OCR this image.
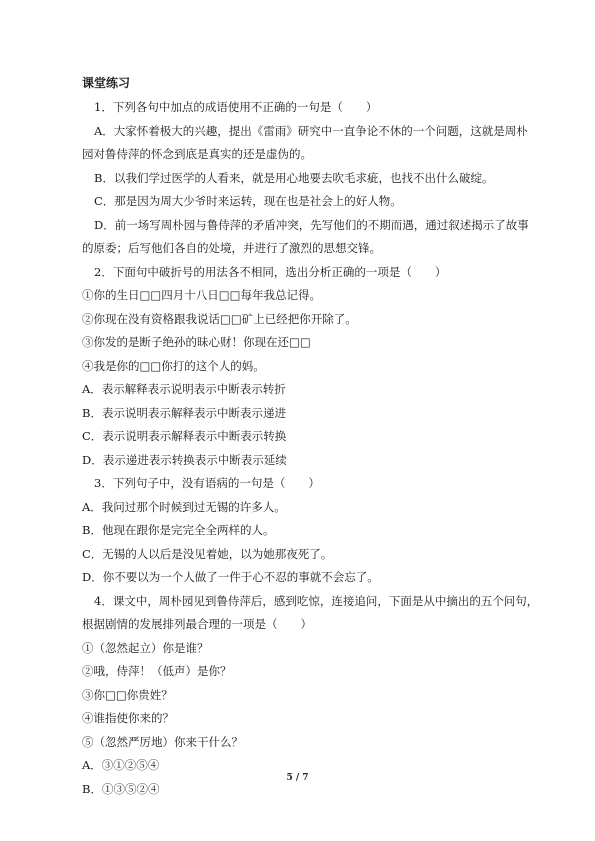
课堂练习
1．下列各句中加点的成语使用不正确的一句是（　　）
A．大家怀着极大的兴趣，提出《雷雨》研究中一直争论不休的一个问题，这就是周朴
园对鲁侍萍的怀念到底是真实的还是虚伪的。
B．以我们学过医学的人看来，就是用心地要去吹毛求疵，也找不出什么破绽。
C．那是因为周大少爷时来运转，现在也是社会上的好人物。
D．前一场写周朴园与鲁侍萍的矛盾冲突，先写他们的不期而遇，通过叙述揭示了故事
的原委；后写他们各自的处境，并进行了激烈的思想交锋。
2．下面句中破折号的用法各不相同，选出分析正确的一项是（　　）
①你的生日□□四月十八日□□每年我总记得。
②你现在没有资格跟我说话□□矿上已经把你开除了。
③你发的是断子绝孙的昧心财！你现在还□□
④我是你的□□你打的这个人的妈。
A．表示解释表示说明表示中断表示转折
B．表示说明表示解释表示中断表示递进
C．表示说明表示解释表示中断表示转换
D．表示递进表示转换表示中断表示延续
3．下列句子中，没有语病的一句是（　　）
A．我问过那个时候到过无锡的许多人。
B．他现在跟你是完完全全两样的人。
C．无锡的人以后是没见着她，以为她那夜死了。
D．你不要以为一个人做了一件于心不忍的事就不会忘了。
4．课文中，周朴园见到鲁侍萍后，感到吃惊，连接追问，下面是从中摘出的五个问句，
根据剧情的发展排列最合理的一项是（　　）
①（忽然起立）你是谁？
②哦，侍萍！（低声）是你？
③你□□你贵姓？
④谁指使你来的？
⑤（忽然严厉地）你来干什么？
A．③①②⑤④
B．①③⑤②④
5 / 7
